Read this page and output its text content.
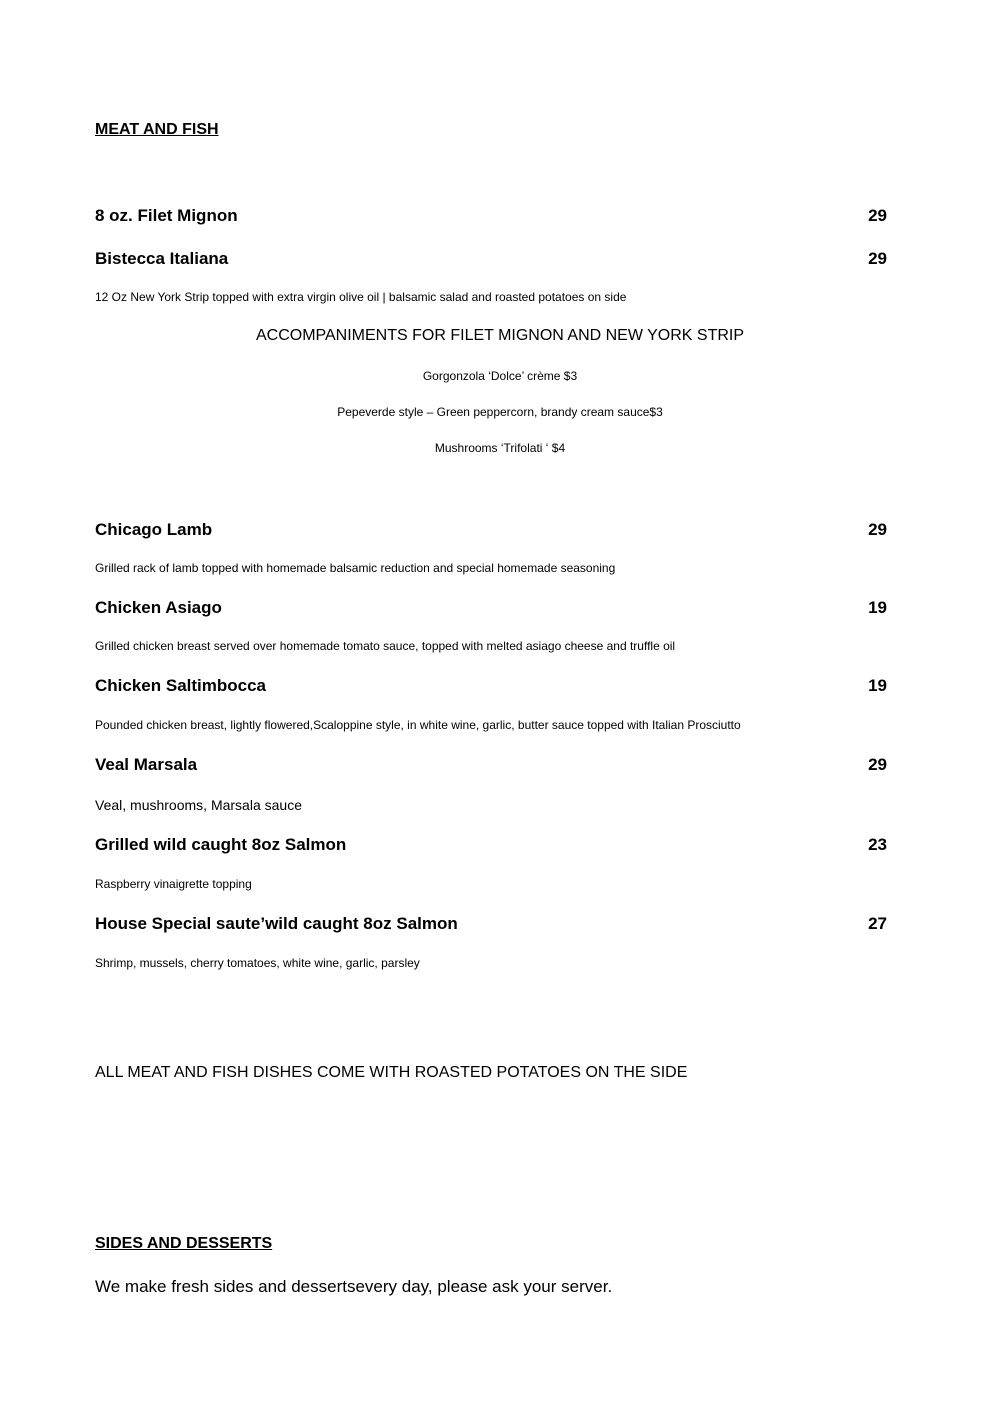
MEAT AND FISH
8 oz. Filet Mignon	29
Bistecca Italiana	29
12 Oz New York Strip topped with extra virgin olive oil | balsamic salad and roasted potatoes on side
ACCOMPANIMENTS FOR FILET MIGNON AND NEW YORK STRIP
Gorgonzola ‘Dolce’ crème $3
Pepeverde style – Green peppercorn, brandy cream sauce$3
Mushrooms ‘Trifolati ‘ $4
Chicago Lamb	29
Grilled rack of lamb topped with homemade balsamic reduction and special homemade seasoning
Chicken Asiago	19
Grilled chicken breast served over homemade tomato sauce, topped with melted asiago cheese and truffle oil
Chicken Saltimbocca	19
Pounded chicken breast, lightly flowered,Scaloppine style, in white wine, garlic, butter sauce topped with Italian Prosciutto
Veal Marsala	29
Veal, mushrooms, Marsala sauce
Grilled wild caught 8oz Salmon	23
Raspberry vinaigrette topping
House Special saute’wild caught 8oz Salmon	27
Shrimp, mussels, cherry tomatoes, white wine, garlic, parsley
ALL MEAT AND FISH DISHES COME WITH ROASTED POTATOES ON THE SIDE
SIDES AND DESSERTS
We make fresh sides and dessertsevery day, please ask your server.
